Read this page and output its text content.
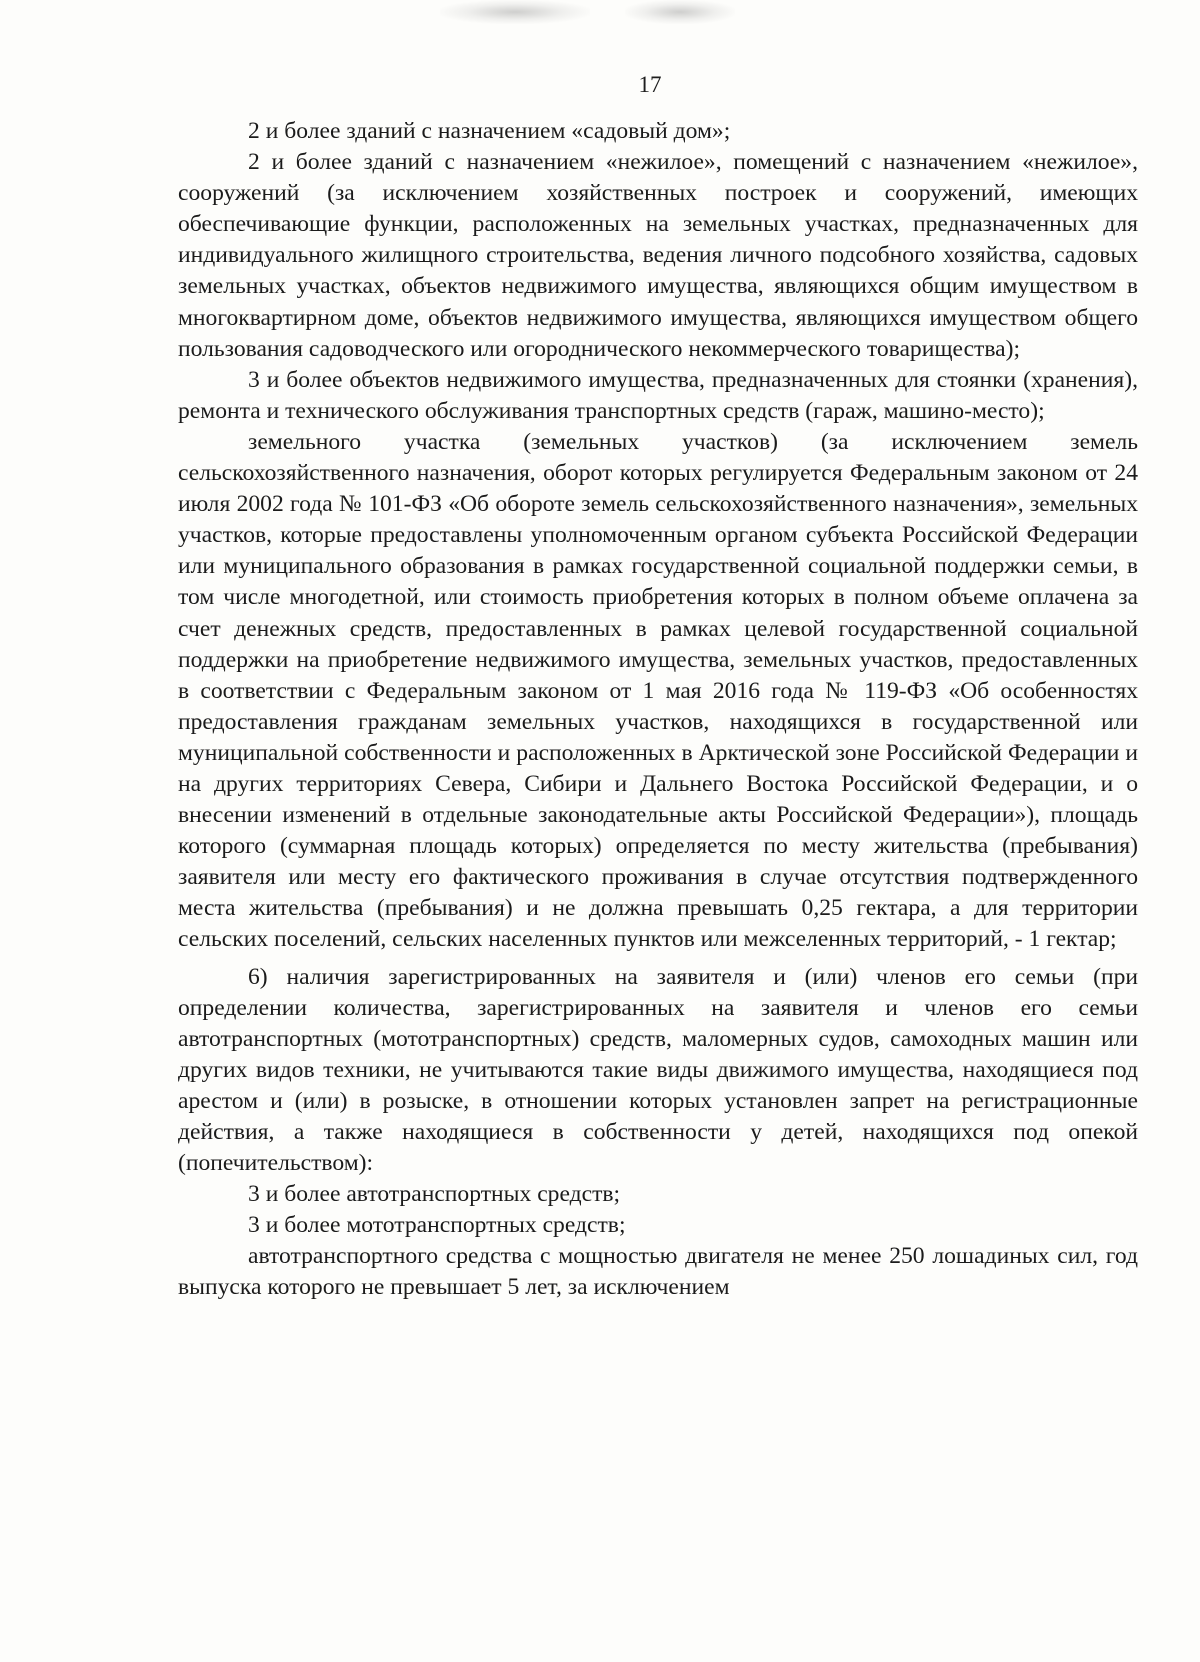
17

2 и более зданий с назначением «садовый дом»;

2 и более зданий с назначением «нежилое», помещений с назначением «нежилое», сооружений (за исключением хозяйственных построек и сооружений, имеющих обеспечивающие функции, расположенных на земельных участках, предназначенных для индивидуального жилищного строительства, ведения личного подсобного хозяйства, садовых земельных участках, объектов недвижимого имущества, являющихся общим имуществом в многоквартирном доме, объектов недвижимого имущества, являющихся имуществом общего пользования садоводческого или огороднического некоммерческого товарищества);

3 и более объектов недвижимого имущества, предназначенных для стоянки (хранения), ремонта и технического обслуживания транспортных средств (гараж, машино-место);

земельного участка (земельных участков) (за исключением земель сельскохозяйственного назначения, оборот которых регулируется Федеральным законом от 24 июля 2002 года № 101-ФЗ «Об обороте земель сельскохозяйственного назначения», земельных участков, которые предоставлены уполномоченным органом субъекта Российской Федерации или муниципального образования в рамках государственной социальной поддержки семьи, в том числе многодетной, или стоимость приобретения которых в полном объеме оплачена за счет денежных средств, предоставленных в рамках целевой государственной социальной поддержки на приобретение недвижимого имущества, земельных участков, предоставленных в соответствии с Федеральным законом от 1 мая 2016 года № 119-ФЗ «Об особенностях предоставления гражданам земельных участков, находящихся в государственной или муниципальной собственности и расположенных в Арктической зоне Российской Федерации и на других территориях Севера, Сибири и Дальнего Востока Российской Федерации, и о внесении изменений в отдельные законодательные акты Российской Федерации»), площадь которого (суммарная площадь которых) определяется по месту жительства (пребывания) заявителя или месту его фактического проживания в случае отсутствия подтвержденного места жительства (пребывания) и не должна превышать 0,25 гектара, а для территории сельских поселений, сельских населенных пунктов или межселенных территорий, - 1 гектар;

6) наличия зарегистрированных на заявителя и (или) членов его семьи (при определении количества, зарегистрированных на заявителя и членов его семьи автотранспортных (мототранспортных) средств, маломерных судов, самоходных машин или других видов техники, не учитываются такие виды движимого имущества, находящиеся под арестом и (или) в розыске, в отношении которых установлен запрет на регистрационные действия, а также находящиеся в собственности у детей, находящихся под опекой (попечительством):

3 и более автотранспортных средств;

3 и более мототранспортных средств;

автотранспортного средства с мощностью двигателя не менее 250 лошадиных сил, год выпуска которого не превышает 5 лет, за исключением
